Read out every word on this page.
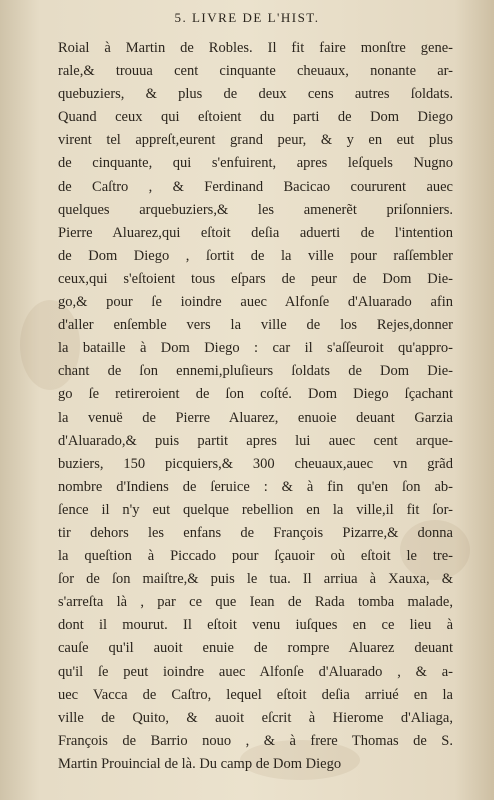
5. LIVRE DE L'HIST.
Roial à Martin de Robles. Il fit faire monſtre gene-
rale,& trouua cent cinquante cheuaux, nonante ar-
quebuziers, & plus de deux cens autres ſoldats.
Quand ceux qui eſtoient du parti de Dom Diego
virent tel appreſt,eurent grand peur, & y en eut plus
de cinquante, qui s'enfuirent, apres leſquels Nugno
de Caſtro , & Ferdinand Bacicao coururent auec
quelques arquebuziers,& les amenerẽt priſonniers.
Pierre Aluarez,qui eſtoit deſia aduerti de l'intention
de Dom Diego , ſortit de la ville pour raſſembler
ceux,qui s'eſtoient tous eſpars de peur de Dom Die-
go,& pour ſe ioindre auec Alfonſe d'Aluarado afin
d'aller enſemble vers la ville de los Rejes,donner
la bataille à Dom Diego : car il s'aſſeuroit qu'appro-
chant de ſon ennemi,pluſieurs ſoldats de Dom Die-
go ſe retireroient de ſon coſté. Dom Diego ſçachant
la venuë de Pierre Aluarez, enuoie deuant Garzia
d'Aluarado,& puis partit apres lui auec cent arque-
buziers, 150 picquiers,& 300 cheuaux,auec vn grãd
nombre d'Indiens de ſeruice : & à fin qu'en ſon ab-
ſence il n'y eut quelque rebellion en la ville,il fit ſor-
tir dehors les enfans de François Pizarre,& donna
la queſtion à Piccado pour ſçauoir où eſtoit le tre-
ſor de ſon maiſtre,& puis le tua. Il arriua à Xauxa, &
s'arreſta là , par ce que Iean de Rada tomba malade,
dont il mourut. Il eſtoit venu iuſques en ce lieu à
cauſe qu'il auoit enuie de rompre Aluarez deuant
qu'il ſe peut ioindre auec Alfonſe d'Aluarado , & a-
uec Vacca de Caſtro, lequel eſtoit deſia arriué en la
ville de Quito, & auoit eſcrit à Hierome d'Aliaga,
François de Barrio nouo , & à frere Thomas de S.
Martin Prouincial de là. Du camp de Dom Diego
